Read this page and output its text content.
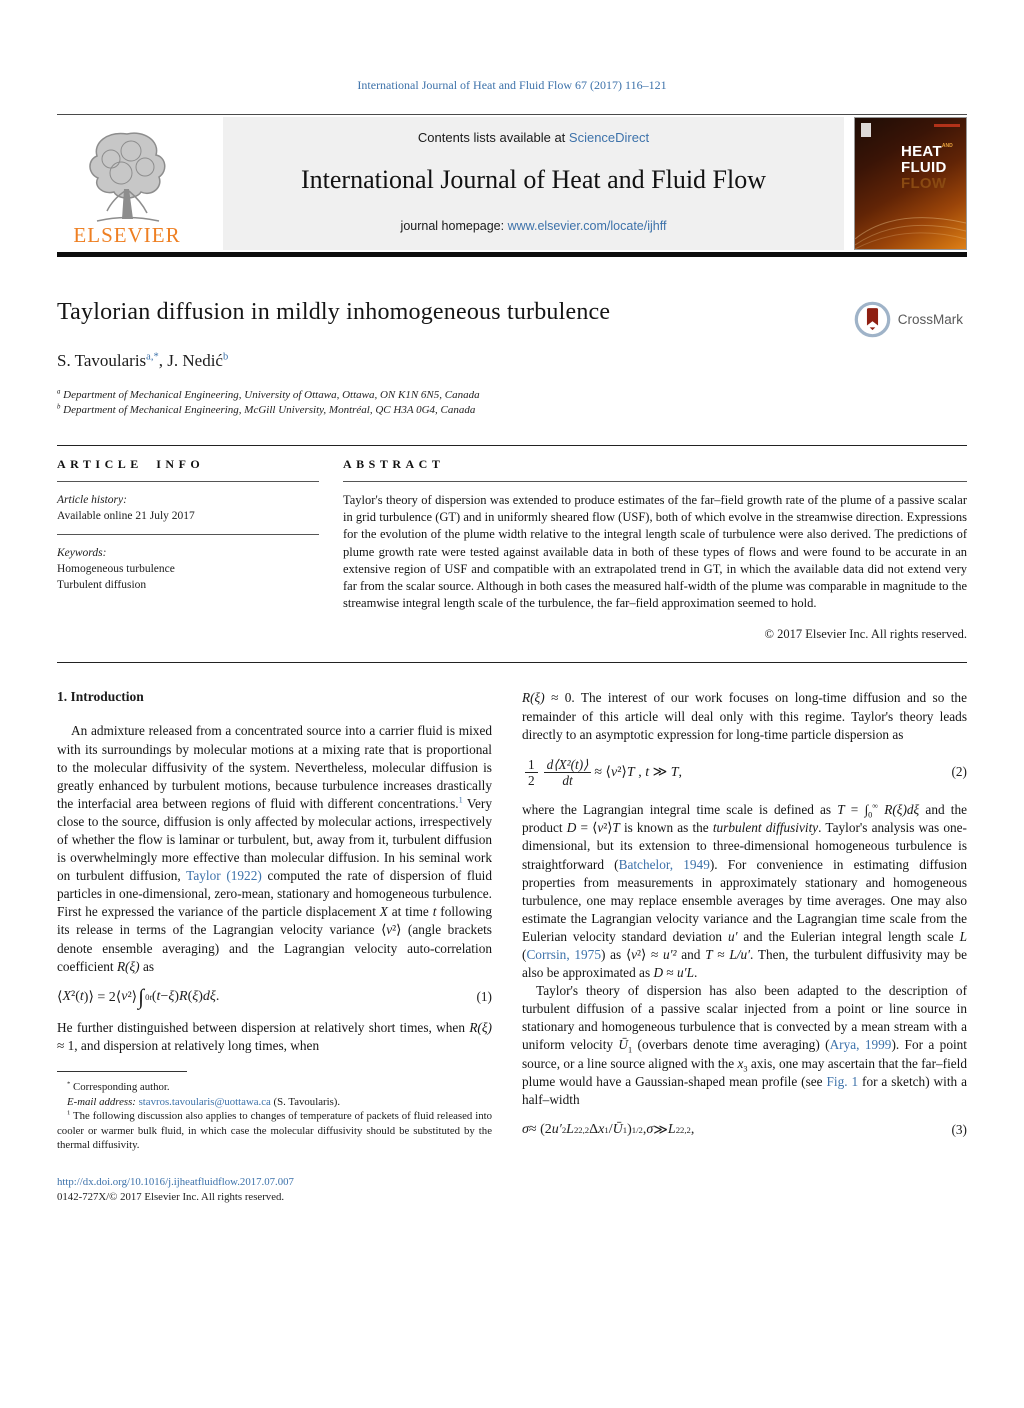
International Journal of Heat and Fluid Flow 67 (2017) 116–121
ELSEVIER
Contents lists available at ScienceDirect
International Journal of Heat and Fluid Flow
journal homepage: www.elsevier.com/locate/ijhff
$HEAT^{AND}$
FLUID
FLOW
Taylorian diffusion in mildly inhomogeneous turbulence	CrossMark
S. Tavoularis$^{a,*}$, J. Nedić$^b$
$^a$ Department of Mechanical Engineering, University of Ottawa, Ottawa, ON K1N 6N5, Canada
$^b$ Department of Mechanical Engineering, McGill University, Montréal, QC H3A 0G4, Canada
ARTICLE INFO
Article history:
Available online 21 July 2017
Keywords:
Homogeneous turbulence
Turbulent diffusion
ABSTRACT
Taylor's theory of dispersion was extended to produce estimates of the far–field growth rate of the plume of a passive scalar in grid turbulence (GT) and in uniformly sheared flow (USF), both of which evolve in the streamwise direction. Expressions for the evolution of the plume width relative to the integral length scale of turbulence were also derived. The predictions of plume growth rate were tested against available data in both of these types of flows and were found to be accurate in an extensive region of USF and compatible with an extrapolated trend in GT, in which the available data did not extend very far from the scalar source. Although in both cases the measured half-width of the plume was comparable in magnitude to the streamwise integral length scale of the turbulence, the far–field approximation seemed to hold.
© 2017 Elsevier Inc. All rights reserved.
1. Introduction

An admixture released from a concentrated source into a carrier fluid is mixed with its surroundings by molecular motions at a mixing rate that is proportional to the molecular diffusivity of the system. Nevertheless, molecular diffusion is greatly enhanced by turbulent motions, because turbulence increases drastically the interfacial area between regions of fluid with different concentrations.$^1$ Very close to the source, diffusion is only affected by molecular actions, irrespectively of whether the flow is laminar or turbulent, but, away from it, turbulent diffusion is overwhelmingly more effective than molecular diffusion. In his seminal work on turbulent diffusion, Taylor (1922) computed the rate of dispersion of fluid particles in one-dimensional, zero-mean, stationary and homogeneous turbulence. First he expressed the variance of the particle displacement X at time t following its release in terms of the Lagrangian velocity variance ⟨v²⟩ (angle brackets denote ensemble averaging) and the Lagrangian velocity auto-correlation coefficient R(ξ) as

⟨ X ²( t )⟩ = 2⟨ v ²⟩ ∫ 0 t ( t − ξ ) R ( ξ ) dξ .	(1)

He further distinguished between dispersion at relatively short times, when R(ξ) ≈ 1, and dispersion at relatively long times, when

* Corresponding author.

E-mail address: stavros.tavoularis@uottawa.ca (S. Tavoularis).

$^1$ The following discussion also applies to changes of temperature of packets of fluid released into cooler or warmer bulk fluid, in which case the molecular diffusivity should be substituted by the thermal diffusivity.

http://dx.doi.org/10.1016/j.ijheatfluidflow.2017.07.007
0142-727X/© 2017 Elsevier Inc. All rights reserved.

R(ξ) ≈ 0. The interest of our work focuses on long-time diffusion and so the remainder of this article will deal only with this regime. Taylor's theory leads directly to an asymptotic expression for long-time particle dispersion as

$\frac{1}{2} \frac{\text{d⟨X²(t)⟩}}{dt}$ ≈ ⟨v²⟩T , t ≫ T,	(2)

where the Lagrangian integral time scale is defined as $T = \int_0^\infty$ R(ξ)dξ and the product D = ⟨v²⟩T is known as the turbulent diffusivity. Taylor's analysis was one-dimensional, but its extension to three-dimensional homogeneous turbulence is straightforward (Batchelor, 1949). For convenience in estimating diffusion properties from measurements in approximately stationary and homogeneous turbulence, one may replace ensemble averages by time averages. One may also estimate the Lagrangian velocity variance and the Lagrangian time scale from the Eulerian velocity standard deviation u′ and the Eulerian integral length scale L (Corrsin, 1975) as ⟨v²⟩ ≈ u′² and T ≈ L/u′. Then, the turbulent diffusivity may be also be approximated as D ≈ u′L.

Taylor's theory of dispersion has also been adapted to the description of turbulent diffusion of a passive scalar injected from a point or line source in stationary and homogeneous turbulence that is convected by a mean stream with a uniform velocity $Ū_1$ (overbars denote time averaging) (Arya, 1999). For a point source, or a line source aligned with the $x_3$ axis, one may ascertain that the far–field plume would have a Gaussian-shaped mean profile (see Fig. 1 for a sketch) with a half–width

σ ≈ (2 u′ 2 L 22,2 Δ x 1 / Ū 1 ) 1/2 , σ ≫ L 22,2 ,	(3)
